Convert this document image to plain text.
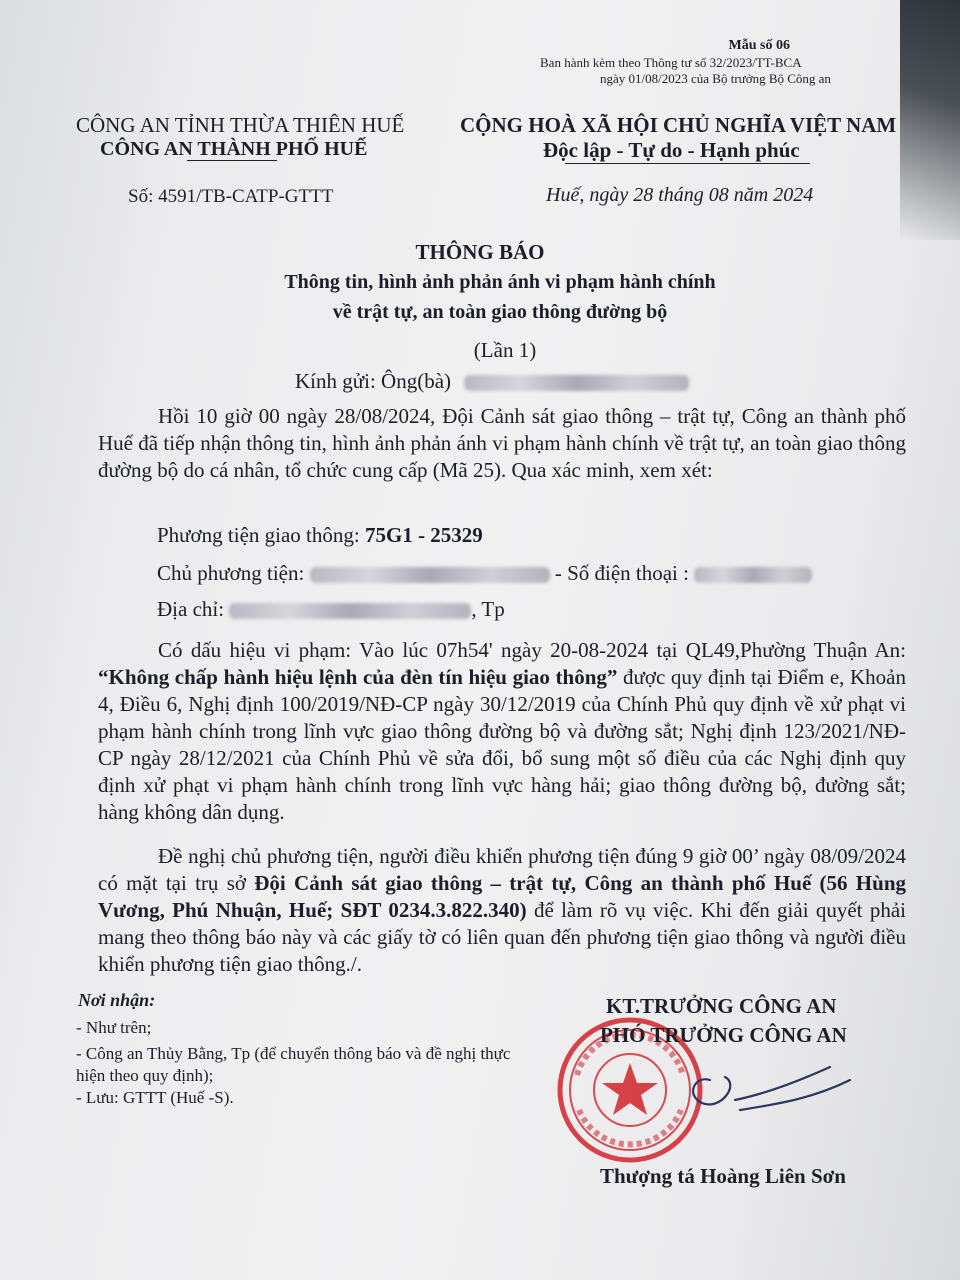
Mẫu số 06
Ban hành kèm theo Thông tư số 32/2023/TT-BCA
ngày 01/08/2023 của Bộ trưởng Bộ Công an
CÔNG AN TỈNH THỪA THIÊN HUẾ
CÔNG AN THÀNH PHỐ HUẾ
CỘNG HOÀ XÃ HỘI CHỦ NGHĨA VIỆT NAM
Độc lập - Tự do - Hạnh phúc
Số: 4591/TB-CATP-GTTT	Huế, ngày 28 tháng 08 năm 2024
THÔNG BÁO
Thông tin, hình ảnh phản ánh vi phạm hành chính
về trật tự, an toàn giao thông đường bộ
(Lần 1)
Kính gửi: Ông(bà)
Hồi 10 giờ 00 ngày 28/08/2024, Đội Cảnh sát giao thông – trật tự, Công an thành phố Huế đã tiếp nhận thông tin, hình ảnh phản ánh vi phạm hành chính về trật tự, an toàn giao thông đường bộ do cá nhân, tổ chức cung cấp (Mã 25). Qua xác minh, xem xét:
Phương tiện giao thông: 75G1 - 25329
Chủ phương tiện:	- Số điện thoại :
Địa chỉ:	, Tp
Có dấu hiệu vi phạm: Vào lúc 07h54' ngày 20-08-2024 tại QL49,Phường Thuận An: “Không chấp hành hiệu lệnh của đèn tín hiệu giao thông” được quy định tại Điểm e, Khoản 4, Điều 6, Nghị định 100/2019/NĐ-CP ngày 30/12/2019 của Chính Phủ quy định về xử phạt vi phạm hành chính trong lĩnh vực giao thông đường bộ và đường sắt; Nghị định 123/2021/NĐ-CP ngày 28/12/2021 của Chính Phủ về sửa đổi, bổ sung một số điều của các Nghị định quy định xử phạt vi phạm hành chính trong lĩnh vực hàng hải; giao thông đường bộ, đường sắt; hàng không dân dụng.
Đề nghị chủ phương tiện, người điều khiển phương tiện đúng 9 giờ 00’ ngày 08/09/2024 có mặt tại trụ sở Đội Cảnh sát giao thông – trật tự, Công an thành phố Huế (56 Hùng Vương, Phú Nhuận, Huế; SĐT 0234.3.822.340) để làm rõ vụ việc. Khi đến giải quyết phải mang theo thông báo này và các giấy tờ có liên quan đến phương tiện giao thông và người điều khiển phương tiện giao thông./.
Nơi nhận:
- Như trên;
- Công an Thủy Bằng, Tp (để chuyển thông báo và đề nghị thực hiện theo quy định);
- Lưu: GTTT (Huế -S).
KT.TRƯỞNG CÔNG AN
PHÓ TRƯỞNG CÔNG AN
Thượng tá Hoàng Liên Sơn
